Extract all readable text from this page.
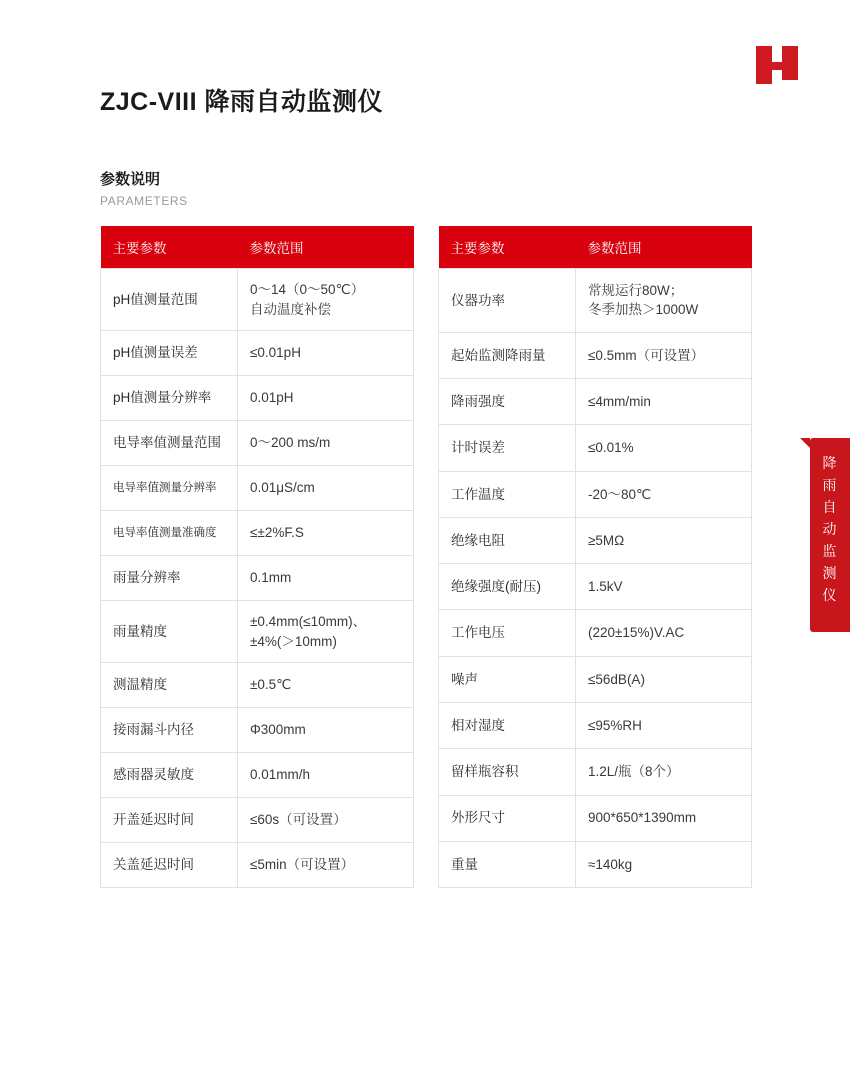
ZJC-VIII 降雨自动监测仪
参数说明
PARAMETERS
主要参数	参数范围
pH值测量范围	0～14（0～50℃）
自动温度补偿
pH值测量误差	≤0.01pH
pH值测量分辨率	0.01pH
电导率值测量范围	0～200 ms/m
电导率值测量分辨率	0.01μS/cm
电导率值测量准确度	≤±2%F.S
雨量分辨率	0.1mm
雨量精度	±0.4mm(≤10mm)、
±4%(＞10mm)
测温精度	±0.5℃
接雨漏斗内径	Φ300mm
感雨器灵敏度	0.01mm/h
开盖延迟时间	≤60s（可设置）
关盖延迟时间	≤5min（可设置）
主要参数	参数范围
仪器功率	常规运行80W；
冬季加热＞1000W
起始监测降雨量	≤0.5mm（可设置）
降雨强度	≤4mm/min
计时误差	≤0.01%
工作温度	-20～80℃
绝缘电阻	≥5MΩ
绝缘强度(耐压)	1.5kV
工作电压	(220±15%)V.AC
噪声	≤56dB(A)
相对湿度	≤95%RH
留样瓶容积	1.2L/瓶（8个）
外形尺寸	900*650*1390mm
重量	≈140kg
降
雨
自
动
监
测
仪
